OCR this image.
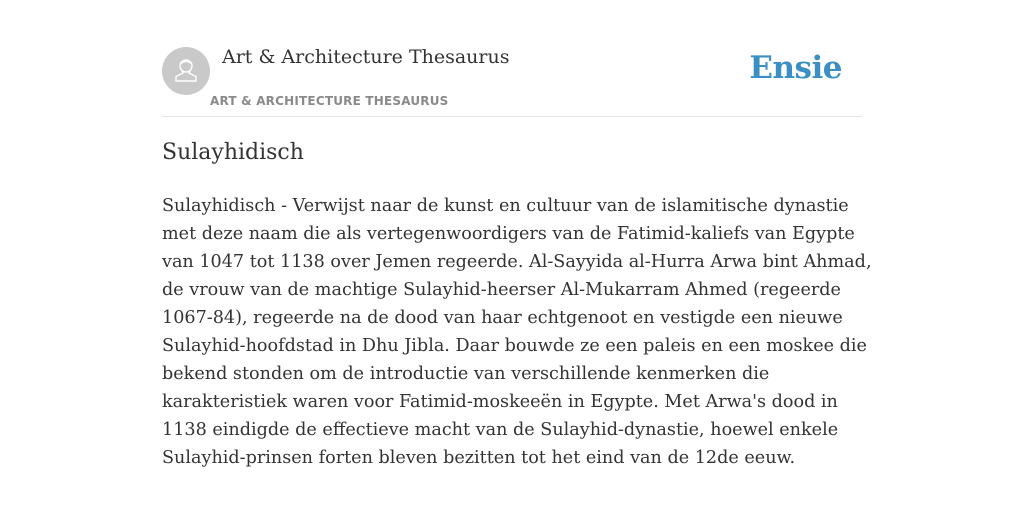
Art & Architecture Thesaurus
ART & ARCHITECTURE THESAURUS
Ensie
Sulayhidisch

Sulayhidisch - Verwijst naar de kunst en cultuur van de islamitische dynastie met deze naam die als vertegenwoordigers van de Fatimid-kaliefs van Egypte van 1047 tot 1138 over Jemen regeerde. Al-Sayyida al-Hurra Arwa bint Ahmad, de vrouw van de machtige Sulayhid-heerser Al-Mukarram Ahmed (regeerde 1067-84), regeerde na de dood van haar echtgenoot en vestigde een nieuwe Sulayhid-hoofdstad in Dhu Jibla. Daar bouwde ze een paleis en een moskee die bekend stonden om de introductie van verschillende kenmerken die karakteristiek waren voor Fatimid-moskeeën in Egypte. Met Arwa's dood in 1138 eindigde de effectieve macht van de Sulayhid-dynastie, hoewel enkele Sulayhid-prinsen forten bleven bezitten tot het eind van de 12de eeuw.
